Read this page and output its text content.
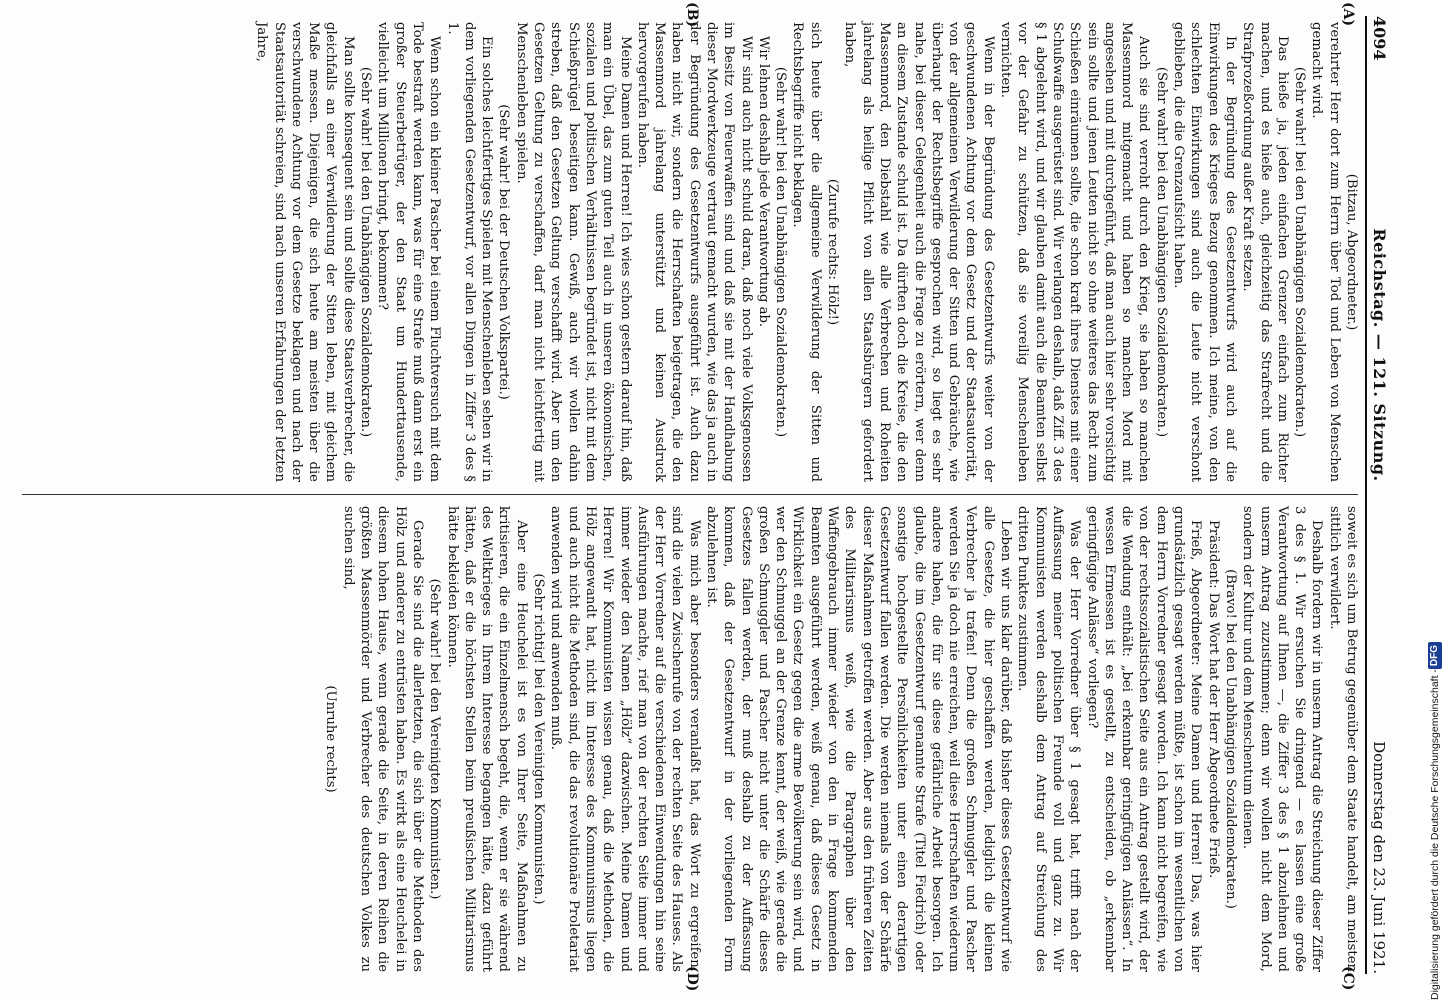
4094
Reichstag. — 121. Sitzung.
Donnerstag den 23. Juni 1921.
(A)
(B)
(C)
(D)

(Bitzau, Abgeordneter.)

verehrter Herr dort zum Herrn über Tod und Leben von Menschen gemacht wird.

(Sehr wahr! bei den Unabhängigen Sozialdemokraten.)

Das hieße ja, jeden einfachen Grenzer einfach zum Richter machen, und es hieße auch, gleichzeitig das Strafrecht und die Strafprozeßordnung außer Kraft setzen.

In der Begründung des Gesetzentwurfs wird auch auf die Einwirkungen des Krieges Bezug genommen. Ich meine, von den schlechten Einwirkungen sind auch die Leute nicht verschont geblieben, die die Grenzaufsicht haben.

(Sehr wahr! bei den Unabhängigen Sozialdemokraten.)

Auch sie sind verroht durch den Krieg, sie haben so manchen Massenmord mitgemacht und haben so manchen Mord mit angesehen und mit durchgeführt, daß man auch hier sehr vorsichtig sein sollte und jenen Leuten nicht so ohne weiteres das Recht zum Schießen einräumen sollte, die schon kraft ihres Dienstes mit einer Schußwaffe ausgerüstet sind. Wir verlangen deshalb, daß Ziff. 3 des § 1 abgelehnt wird, und wir glauben damit auch die Beamten selbst vor der Gefahr zu schützen, daß sie voreilig Menschenleben vernichten.

Wenn in der Begründung des Gesetzentwurfs weiter von der geschwundenen Achtung vor dem Gesetz und der Staatsautorität, von der allgemeinen Verwilderung der Sitten und Gebräuche, wie überhaupt der Rechtsbegriffe gesprochen wird, so liegt es sehr nahe, bei dieser Gelegenheit auch die Frage zu erörtern, wer denn an diesem Zustande schuld ist. Da dürften doch die Kreise, die den Massenmord, den Diebstahl wie alle Verbrechen und Roheiten jahrelang als heilige Pflicht von allen Staatsbürgern gefordert haben,

(Zurufe rechts: Hölz!)

sich heute über die allgemeine Verwilderung der Sitten und Rechtsbegriffe nicht beklagen.

(Sehr wahr! bei den Unabhängigen Sozialdemokraten.)

Wir lehnen deshalb jede Verantwortung ab.

Wir sind auch nicht schuld daran, daß noch viele Volksgenossen im Besitz von Feuerwaffen sind und daß sie mit der Handhabung dieser Mordwerkzeuge vertraut gemacht wurden, wie das ja auch in der Begründung des Gesetzentwurfs ausgeführt ist. Auch dazu haben nicht wir, sondern die Herrschaften beigetragen, die den Massenmord jahrelang unterstützt und keinen Ausdruck hervorgerufen haben.

Meine Damen und Herren! Ich wies schon gestern darauf hin, daß man ein Übel, das zum guten Teil auch in unseren ökonomischen, sozialen und politischen Verhältnissen begründet ist, nicht mit dem Schießprügel beseitigen kann. Gewiß, auch wir wollen dahin streben, daß den Gesetzen Geltung verschafft wird. Aber um den Gesetzen Geltung zu verschaffen, darf man nicht leichtfertig mit Menschenleben spielen.

(Sehr wahr! bei der Deutschen Volkspartei.)

Ein solches leichtfertiges Spielen mit Menschenleben sehen wir in dem vorliegenden Gesetzentwurf, vor allen Dingen in Ziffer 3 des § 1.

Wenn schon ein kleiner Pascher bei einem Fluchtversuch mit dem Tode bestraft werden kann, was für eine Strafe muß dann erst ein großer Steuerbetrüger, der den Staat um Hunderttausende, vielleicht um Millionen bringt, bekommen?

(Sehr wahr! bei den Unabhängigen Sozialdemokraten.)

Man sollte konsequent sein und sollte diese Staatsverbrecher, die gleichfalls an einer Verwilderung der Sitten leben, mit gleichem Maße messen. Diejenigen, die sich heute am meisten über die verschwundene Achtung vor dem Gesetze beklagen und nach der Staatsautorität schreien, sind nach unseren Erfahrungen der letzten Jahre,

soweit es sich um Betrug gegenüber dem Staate handelt, am meisten sittlich verwildert.

Deshalb fordern wir in unserm Antrag die Streichung dieser Ziffer 3 des § 1. Wir ersuchen Sie dringend — es lassen eine große Verantwortung auf Ihnen —, die Ziffer 3 des § 1 abzulehnen und unserm Antrag zuzustimmen; denn wir wollen nicht dem Mord, sondern der Kultur und dem Menschentum dienen.

(Bravo! bei den Unabhängigen Sozialdemokraten.)

Präsident: Das Wort hat der Herr Abgeordnete Frieß.

Frieß, Abgeordneter: Meine Damen und Herren! Das, was hier grundsätzlich gesagt werden müßte, ist schon im wesentlichen von dem Herrn Vorredner gesagt worden. Ich kann nicht begreifen, wie von der rechtssozialistischen Seite aus ein Antrag gestellt wird, der die Wendung enthält: „bei erkennbar geringfügigen Anlässen“. In wessen Ermessen ist es gestellt, zu entscheiden, ob „erkennbar geringfügige Anlässe“ vorliegen?

Was der Herr Vorredner über § 1 gesagt hat, trifft nach der Auffassung meiner politischen Freunde voll und ganz zu. Wir Kommunisten werden deshalb dem Antrag auf Streichung des dritten Punktes zustimmen.

Leben wir uns klar darüber, daß bisher dieses Gesetzentwurf wie alle Gesetze, die hier geschaffen werden, lediglich die kleinen Verbrecher ja trafen! Denn die großen Schmuggler und Pascher werden Sie ja doch nie erreichen, weil diese Herrschaften wiederum andere haben, die für sie diese gefährliche Arbeit besorgen. Ich glaube, die im Gesetzentwurf genannte Strafe (Titel Fiedrich) oder sonstige hochgestellte Persönlichkeiten unter einen derartigen Gesetzentwurf fallen werden. Die werden niemals von der Schärfe dieser Maßnahmen getroffen werden. Aber aus den früheren Zeiten des Militarismus weiß, wie die Paragraphen über den Waffengebrauch immer wieder von den in Frage kommenden Beamten ausgeführt werden, weiß genau, daß dieses Gesetz in Wirklichkeit ein Gesetz gegen die arme Bevölkerung sein wird, und wer den Schmuggel an der Grenze kennt, der weiß, wie gerade die großen Schmuggler und Pascher nicht unter die Schärfe dieses Gesetzes fallen werden, der muß deshalb zu der Auffassung kommen, daß der Gesetzentwurf in der vorliegenden Form abzulehnen ist.

Was mich aber besonders veranlaßt hat, das Wort zu ergreifen, sind die vielen Zwischenrufe von der rechten Seite des Hauses. Als der Herr Vorredner auf die verschiedenen Einwendungen hin seine Ausführungen machte, rief man von der rechten Seite immer und immer wieder den Namen „Hölz“ dazwischen. Meine Damen und Herren! Wir Kommunisten wissen genau, daß die Methoden, die Hölz angewandt hat, nicht im Interesse des Kommunismus liegen und auch nicht die Methoden sind, die das revolutionäre Proletariat anwenden wird und anwenden muß.

(Sehr richtig! bei den Vereinigten Kommunisten.)

Aber eine Heuchelei ist es von Ihrer Seite, Maßnahmen zu kritisieren, die ein Einzelmensch begeht, die, wenn er sie während des Weltkrieges in Ihrem Interesse begangen hätte, dazu geführt hätten, daß er die höchsten Stellen beim preußischen Militarismus hätte bekleiden können.

(Sehr wahr! bei den Vereinigten Kommunisten.)

Gerade Sie sind die allerletzten, die sich über die Methoden des Hölz und anderer zu entrüsten haben. Es wirkt als eine Heuchelei in diesem hohen Hause, wenn gerade die Seite, in deren Reihen die größten Massenmörder und Verbrecher des deutschen Volkes zu suchen sind,

(Unruhe rechts)	Digitalisierung gefördert durch die Deutsche Forschungsgemeinschaft -
DFG
